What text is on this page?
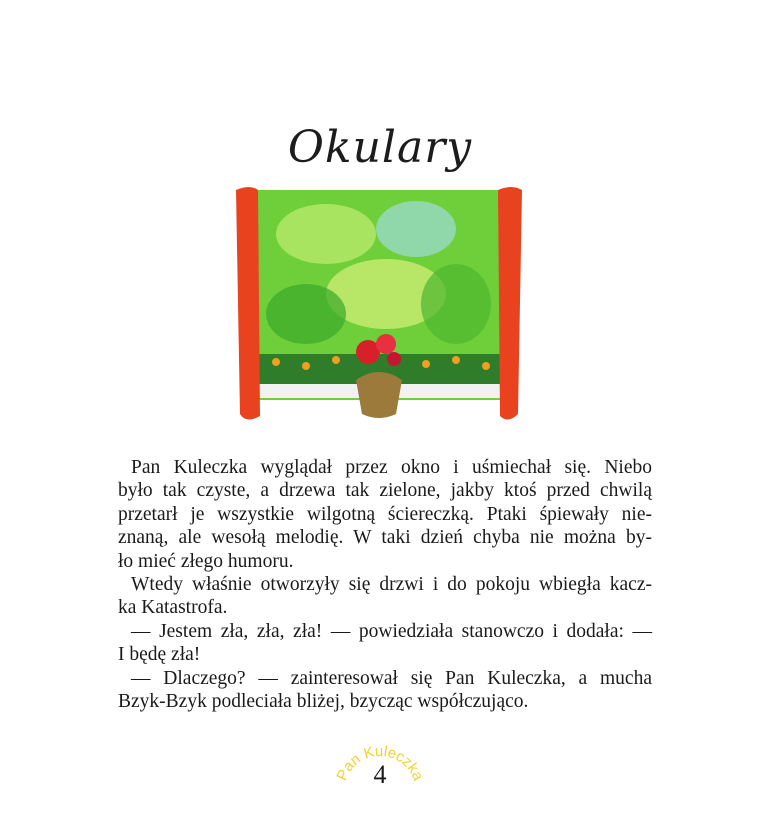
Okulary
Pan Kuleczka wyglądał przez okno i uśmiechał się. Niebo
było tak czyste, a drzewa tak zielone, jakby ktoś przed chwilą
przetarł je wszystkie wilgotną ściereczką. Ptaki śpiewały nie-
znaną, ale wesołą melodię. W taki dzień chyba nie można by-
ło mieć złego humoru.
Wtedy właśnie otworzyły się drzwi i do pokoju wbiegła kacz-
ka Katastrofa.
— Jestem zła, zła, zła! — powiedziała stanowczo i dodała: —
I będę zła!
— Dlaczego? — zainteresował się Pan Kuleczka, a mucha
Bzyk-Bzyk podleciała bliżej, bzycząc współczująco.
Pan Kuleczka
4
